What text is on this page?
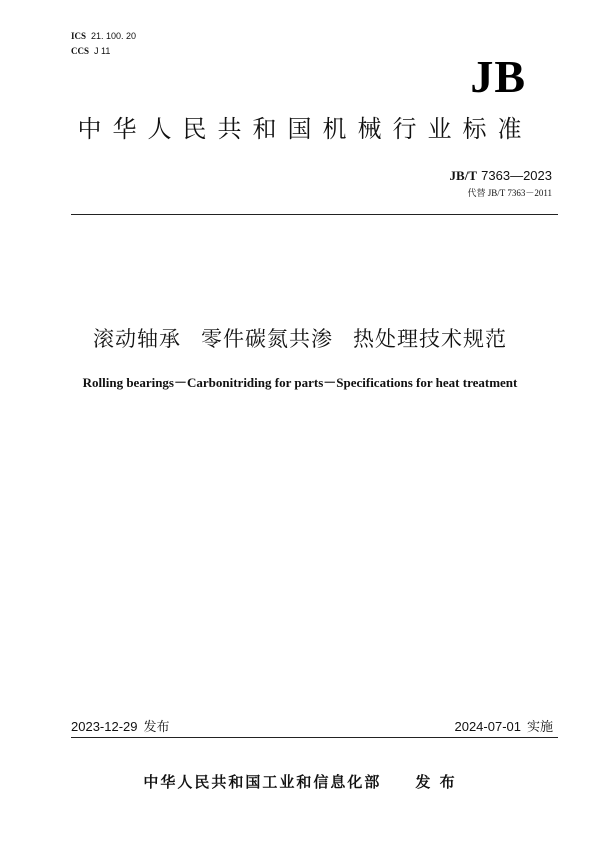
ICS 21. 100. 20
CCS J 11	JB
中华人民共和国机械行业标准
JB/T 7363—2023
代替 JB/T 7363－2011
滚动轴承 零件碳氮共渗 热处理技术规范
Rolling bearings－Carbonitriding for parts－Specifications for heat treatment
2023-12-29 发布	2024-07-01 实施
中华人民共和国工业和信息化部 发 布
